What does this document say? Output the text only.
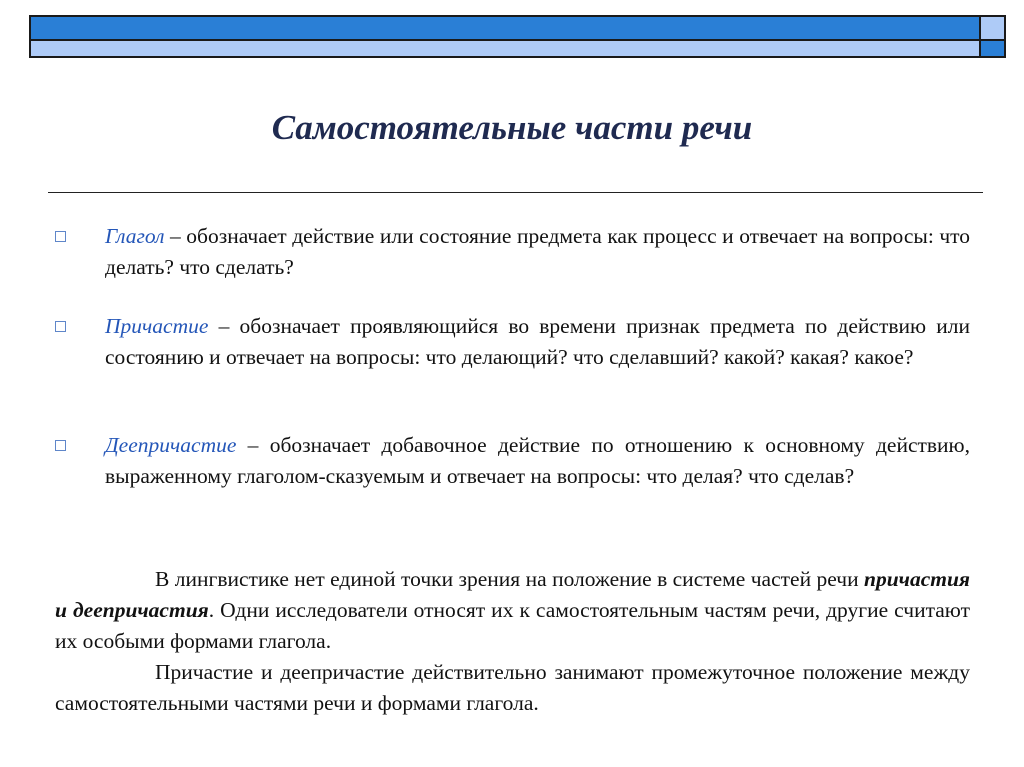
Самостоятельные части речи
Глагол – обозначает действие или состояние предмета как процесс и отвечает на вопросы: что делать? что сделать?
Причастие – обозначает проявляющийся во времени признак предмета по действию или состоянию и отвечает на вопросы: что делающий? что сделавший? какой? какая? какое?
Деепричастие – обозначает добавочное действие по отношению к основному действию, выраженному глаголом-сказуемым и отвечает на вопросы: что делая? что сделав?

В лингвистике нет единой точки зрения на положение в системе частей речи причастия и деепричастия. Одни исследователи относят их к самостоятельным частям речи, другие считают их особыми формами глагола.

Причастие и деепричастие действительно занимают промежуточное положение между самостоятельными частями речи и формами глагола.
